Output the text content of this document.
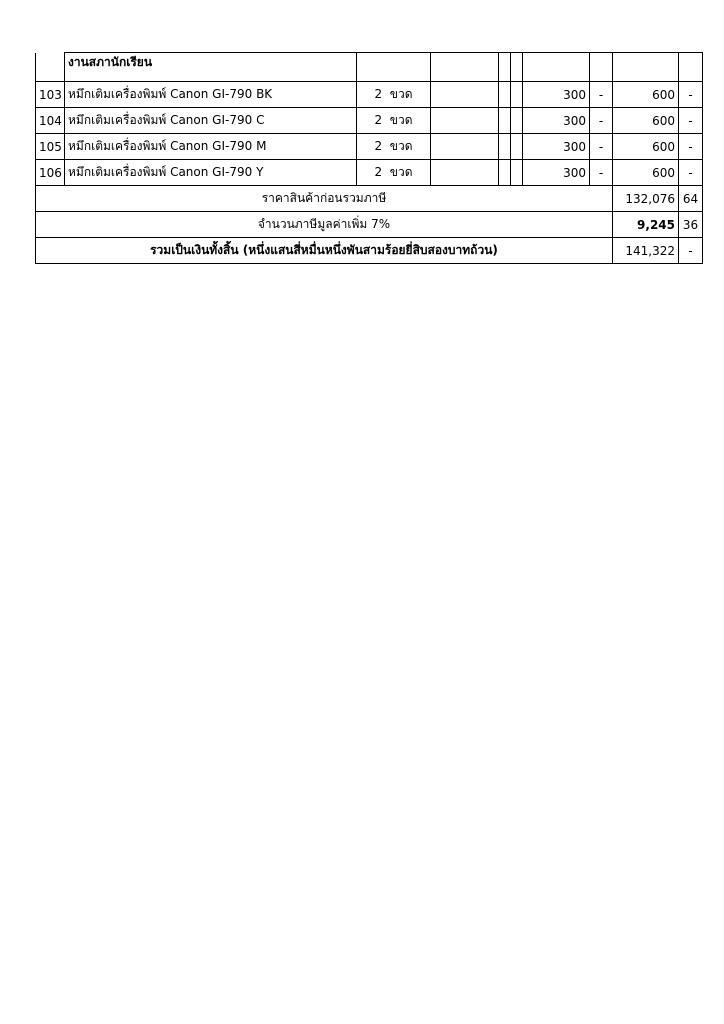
	งานสภานักเรียน								
103	หมึกเติมเครื่องพิมพ์ Canon GI-790 BK	2 ขวด				300	-	600	-
104	หมึกเติมเครื่องพิมพ์ Canon GI-790 C	2 ขวด				300	-	600	-
105	หมึกเติมเครื่องพิมพ์ Canon GI-790 M	2 ขวด				300	-	600	-
106	หมึกเติมเครื่องพิมพ์ Canon GI-790 Y	2 ขวด				300	-	600	-
ราคาสินค้าก่อนรวมภาษี								132,076	64
จำนวนภาษีมูลค่าเพิ่ม 7%								9,245	36
รวมเป็นเงินทั้งสิ้น (หนึ่งแสนสี่หมื่นหนึ่งพันสามร้อยยี่สิบสองบาทถ้วน)								141,322	-
